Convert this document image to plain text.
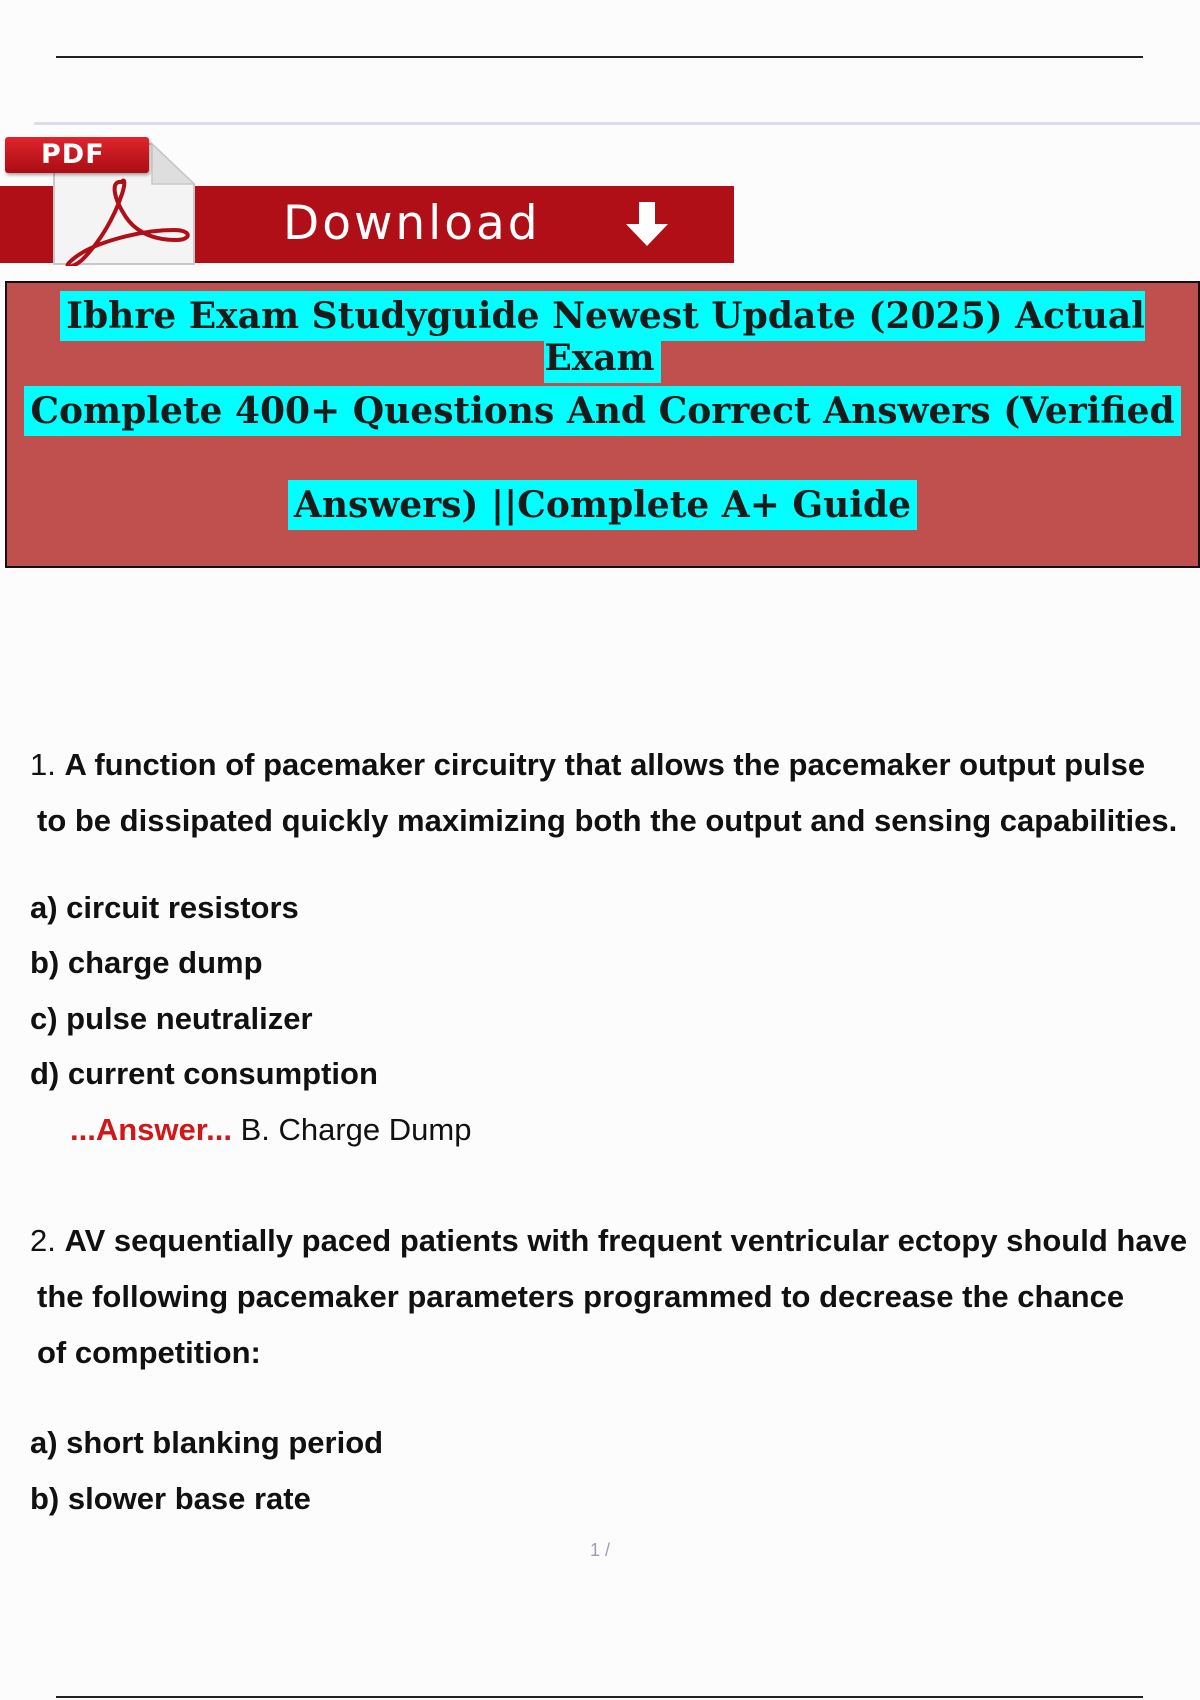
PDF
Download
Ibhre Exam Studyguide Newest Update (2025) Actual Exam
Complete 400+ Questions And Correct Answers (Verified
Answers) ||Complete A+ Guide
1. A function of pacemaker circuitry that allows the pacemaker output pulse
to be dissipated quickly maximizing both the output and sensing capabilities.
a) circuit resistors
b) charge dump
c) pulse neutralizer
d) current consumption
...Answer... B. Charge Dump
2. AV sequentially paced patients with frequent ventricular ectopy should have
the following pacemaker parameters programmed to decrease the chance
of competition:
a) short blanking period
b) slower base rate
1 /
